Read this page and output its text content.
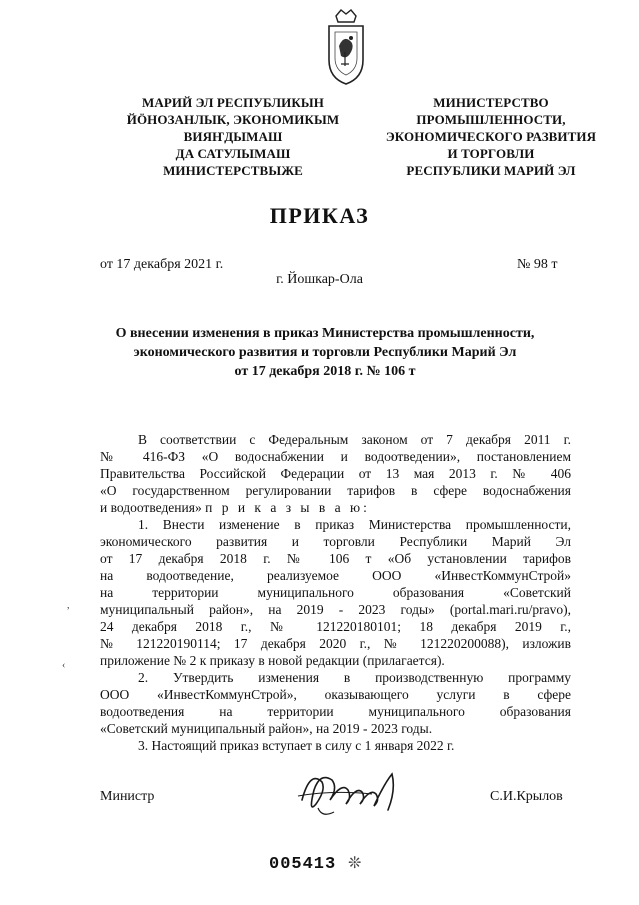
МАРИЙ ЭЛ РЕСПУБЛИКЫН
ЙӦНОЗАНЛЫК, ЭКОНОМИКЫМ
ВИЯҤДЫМАШ
ДА САТУЛЫМАШ
МИНИСТЕРСТВЫЖЕ
МИНИСТЕРСТВО
ПРОМЫШЛЕННОСТИ,
ЭКОНОМИЧЕСКОГО РАЗВИТИЯ
И ТОРГОВЛИ
РЕСПУБЛИКИ МАРИЙ ЭЛ
ПРИКАЗ
от 17 декабря 2021 г.	№ 98 т
г. Йошкар-Ола
О внесении изменения в приказ Министерства промышленности,
экономического развития и торговли Республики Марий Эл
от 17 декабря 2018 г. № 106 т

В соответствии с Федеральным законом от 7 декабря 2011 г.

№ 416-ФЗ «О водоснабжении и водоотведении», постановлением

Правительства Российской Федерации от 13 мая 2013 г. № 406

«О государственном регулировании тарифов в сфере водоснабжения

и водоотведения» п р и к а з ы в а ю:

1. Внести изменение в приказ Министерства промышленности,

экономического развития и торговли Республики Марий Эл

от 17 декабря 2018 г. № 106 т «Об установлении тарифов

на водоотведение, реализуемое ООО «ИнвестКоммунСтрой»

на территории муниципального образования «Советский

муниципальный район», на 2019 - 2023 годы» (portal.mari.ru/pravo),

24 декабря 2018 г., № 121220180101; 18 декабря 2019 г.,

№ 121220190114; 17 декабря 2020 г., № 121220200088), изложив

приложение № 2 к приказу в новой редакции (прилагается).

2. Утвердить изменения в производственную программу

ООО «ИнвестКоммунСтрой», оказывающего услуги в сфере

водоотведения на территории муниципального образования

«Советский муниципальный район», на 2019 - 2023 годы.

3. Настоящий приказ вступает в силу с 1 января 2022 г.

,
‹
Министр	С.И.Крылов
005413 ❊
